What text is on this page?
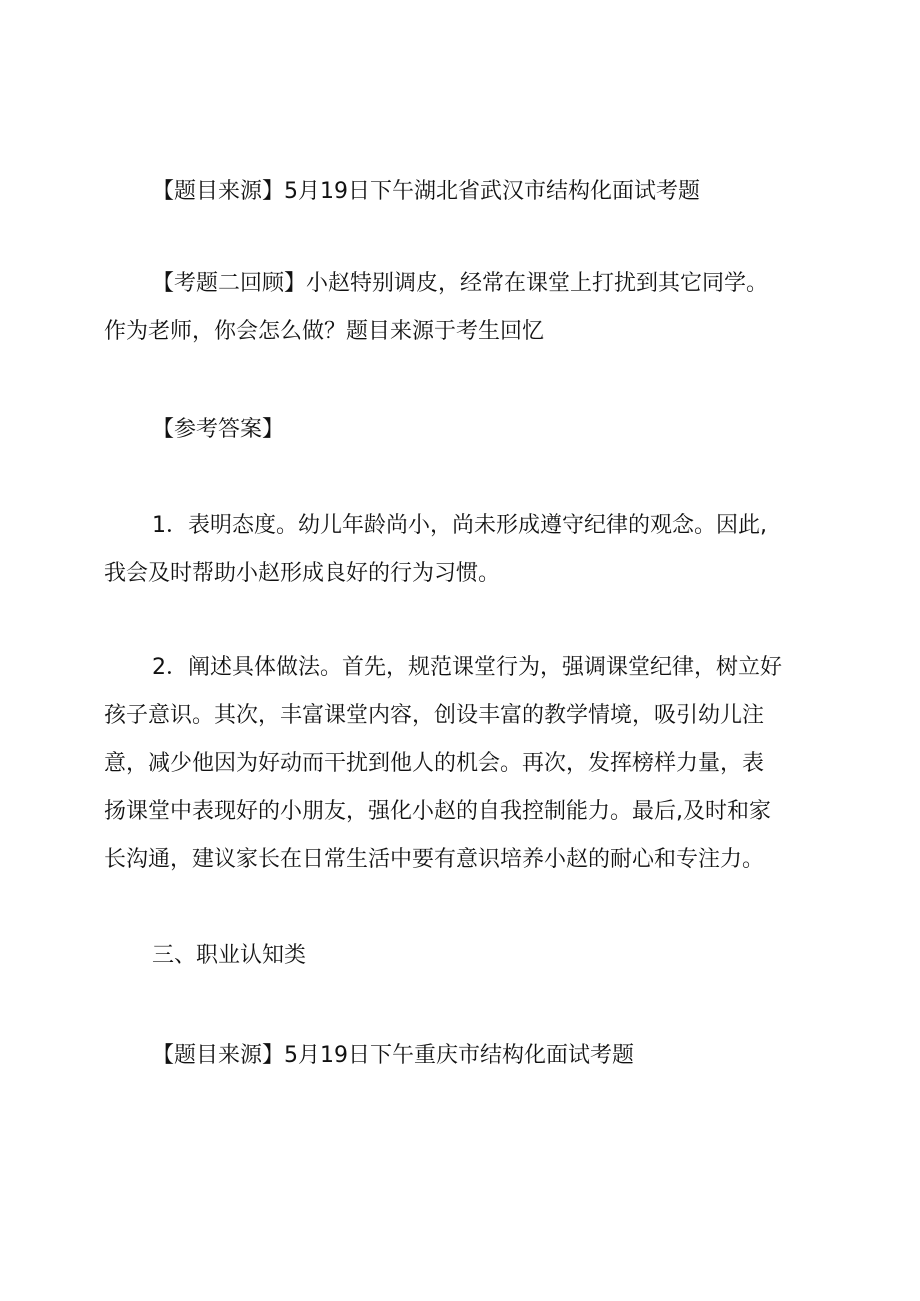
【题目来源】5月19日下午湖北省武汉市结构化面试考题

【考题二回顾】小赵特别调皮，经常在课堂上打扰到其它同学。
作为老师，你会怎么做？题目来源于考生回忆

【参考答案】

1．表明态度。幼儿年龄尚小，尚未形成遵守纪律的观念。因此,
我会及时帮助小赵形成良好的行为习惯。

2．阐述具体做法。首先，规范课堂行为，强调课堂纪律，树立好
孩子意识。其次，丰富课堂内容，创设丰富的教学情境，吸引幼儿注
意，减少他因为好动而干扰到他人的机会。再次，发挥榜样力量，表
扬课堂中表现好的小朋友，强化小赵的自我控制能力。最后,及时和家
长沟通，建议家长在日常生活中要有意识培养小赵的耐心和专注力。

三、职业认知类

【题目来源】5月19日下午重庆市结构化面试考题
